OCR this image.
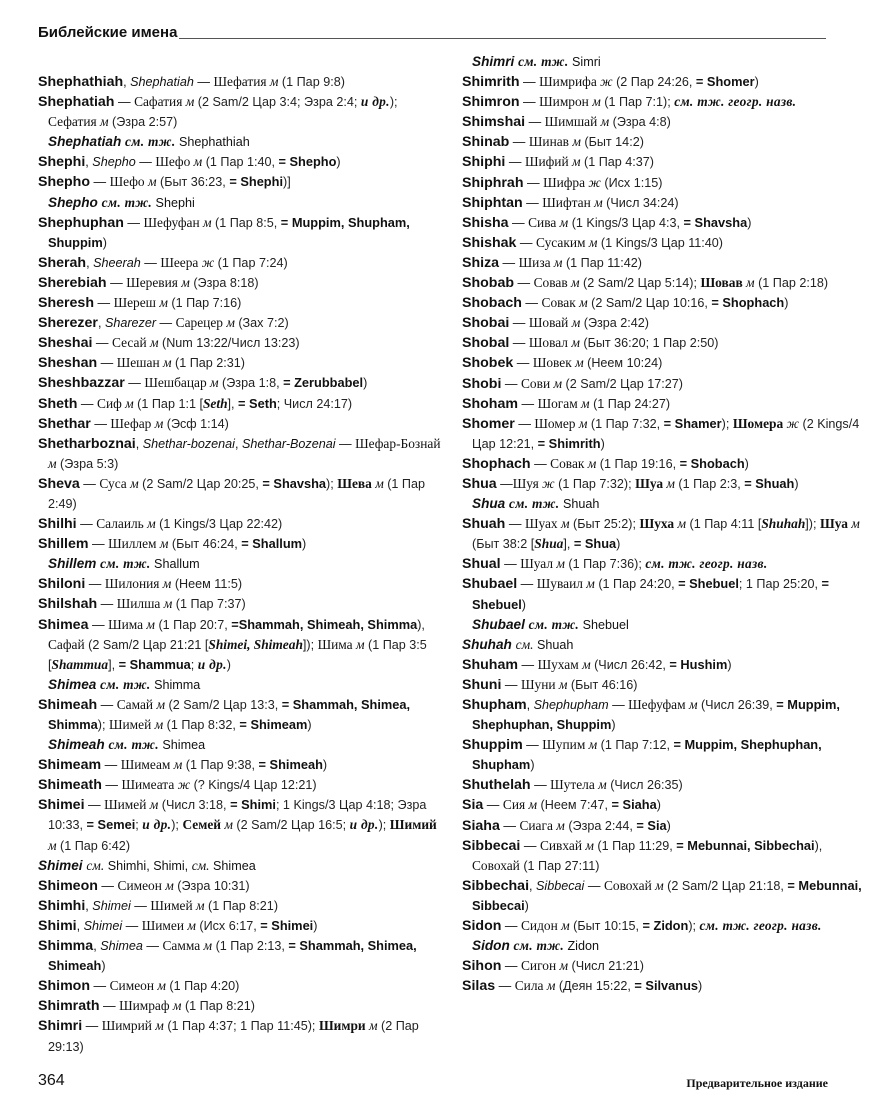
Библейские имена

Shephathiah, Shephatiah — Шефатия м (1 Пар 9:8)

Shephatiah — Сафатия м (2 Sam/2 Цар 3:4; Эзра 2:4; и др.); Сефатия м (Эзра 2:57)

Shephatiah см. тж. Shephathiah

Shephi, Shepho — Шефо м (1 Пар 1:40, = Shepho)

Shepho — Шефо м (Быт 36:23, = Shephi)]

Shepho см. тж. Shephi

Shephuphan — Шефуфан м (1 Пар 8:5, = Muppim, Shupham, Shuppim)

Sherah, Sheerah — Шеера ж (1 Пар 7:24)

Sherebiah — Шеревия м (Эзра 8:18)

Sheresh — Шереш м (1 Пар 7:16)

Sherezer, Sharezer — Сарецер м (Зах 7:2)

Sheshai — Сесай м (Num 13:22/Числ 13:23)

Sheshan — Шешан м (1 Пар 2:31)

Sheshbazzar — Шешбацар м (Эзра 1:8, = Zerubbabel)

Sheth — Сиф м (1 Пар 1:1 [Seth], = Seth; Числ 24:17)

Shethar — Шефар м (Эсф 1:14)

Shetharboznai, Shethar-bozenai, Shethar-Bozenai — Шефар-Бознай м (Эзра 5:3)

Sheva — Суса м (2 Sam/2 Цар 20:25, = Shavsha); Шева м (1 Пар 2:49)

Shilhi — Салаиль м (1 Kings/3 Цар 22:42)

Shillem — Шиллем м (Быт 46:24, = Shallum)

Shillem см. тж. Shallum

Shiloni — Шилония м (Неем 11:5)

Shilshah — Шилша м (1 Пар 7:37)

Shimea — Шима м (1 Пар 20:7, =Shammah, Shimeah, Shimma), Сафай (2 Sam/2 Цар 21:21 [Shimei, Shimeah]); Шима м (1 Пар 3:5 [Shammua], = Shammua; и др.)

Shimea см. тж. Shimma

Shimeah — Самай м (2 Sam/2 Цар 13:3, = Shammah, Shimea, Shimma); Шимей м (1 Пар 8:32, = Shimeam)

Shimeah см. тж. Shimea

Shimeam — Шимеам м (1 Пар 9:38, = Shimeah)

Shimeath — Шимеата ж (? Kings/4 Цар 12:21)

Shimei — Шимей м (Числ 3:18, = Shimi; 1 Kings/3 Цар 4:18; Эзра 10:33, = Semei; и др.); Семей м (2 Sam/2 Цар 16:5; и др.); Шимий м (1 Пар 6:42)

Shimei см. Shimhi, Shimi, см. Shimea

Shimeon — Симеон м (Эзра 10:31)

Shimhi, Shimei — Шимей м (1 Пар 8:21)

Shimi, Shimei — Шимеи м (Исх 6:17, = Shimei)

Shimma, Shimea — Самма м (1 Пар 2:13, = Shammah, Shimea, Shimeah)

Shimon — Симеон м (1 Пар 4:20)

Shimrath — Шимраф м (1 Пар 8:21)

Shimri — Шимрий м (1 Пар 4:37; 1 Пар 11:45); Шимри м (2 Пар 29:13)

Shimri см. тж. Simri

Shimrith — Шимрифа ж (2 Пар 24:26, = Shomer)

Shimron — Шимрон м (1 Пар 7:1); см. тж. геогр. назв.

Shimshai — Шимшай м (Эзра 4:8)

Shinab — Шинав м (Быт 14:2)

Shiphi — Шифий м (1 Пар 4:37)

Shiphrah — Шифра ж (Исх 1:15)

Shiphtan — Шифтан м (Числ 34:24)

Shisha — Сива м (1 Kings/3 Цар 4:3, = Shavsha)

Shishak — Сусаким м (1 Kings/3 Цар 11:40)

Shiza — Шиза м (1 Пар 11:42)

Shobab — Совав м (2 Sam/2 Цар 5:14); Шовав м (1 Пар 2:18)

Shobach — Совак м (2 Sam/2 Цар 10:16, = Shophach)

Shobai — Шовай м (Эзра 2:42)

Shobal — Шовал м (Быт 36:20; 1 Пар 2:50)

Shobek — Шовек м (Неем 10:24)

Shobi — Сови м (2 Sam/2 Цар 17:27)

Shoham — Шогам м (1 Пар 24:27)

Shomer — Шомер м (1 Пар 7:32, = Shamer); Шомера ж (2 Kings/4 Цар 12:21, = Shimrith)

Shophach — Совак м (1 Пар 19:16, = Shobach)

Shua —Шуя ж (1 Пар 7:32); Шуа м (1 Пар 2:3, = Shuah)

Shua см. тж. Shuah

Shuah — Шуах м (Быт 25:2); Шуха м (1 Пар 4:11 [Shuhah]); Шуа м (Быт 38:2 [Shua], = Shua)

Shual — Шуал м (1 Пар 7:36); см. тж. геогр. назв.

Shubael — Шуваил м (1 Пар 24:20, = Shebuel; 1 Пар 25:20, = Shebuel)

Shubael см. тж. Shebuel

Shuhah см. Shuah

Shuham — Шухам м (Числ 26:42, = Hushim)

Shuni — Шуни м (Быт 46:16)

Shupham, Shephupham — Шефуфам м (Числ 26:39, = Muppim, Shephuphan, Shuppim)

Shuppim — Шупим м (1 Пар 7:12, = Muppim, Shephuphan, Shupham)

Shuthelah — Шутела м (Числ 26:35)

Sia — Сия м (Неем 7:47, = Siaha)

Siaha — Сиага м (Эзра 2:44, = Sia)

Sibbecai — Сивхай м (1 Пар 11:29, = Mebunnai, Sibbechai), Совохай (1 Пар 27:11)

Sibbechai, Sibbecai — Совохай м (2 Sam/2 Цар 21:18, = Mebunnai, Sibbecai)

Sidon — Сидон м (Быт 10:15, = Zidon); см. тж. геогр. назв.

Sidon см. тж. Zidon

Sihon — Сигон м (Числ 21:21)

Silas — Сила м (Деян 15:22, = Silvanus)

364	Предварительное издание
